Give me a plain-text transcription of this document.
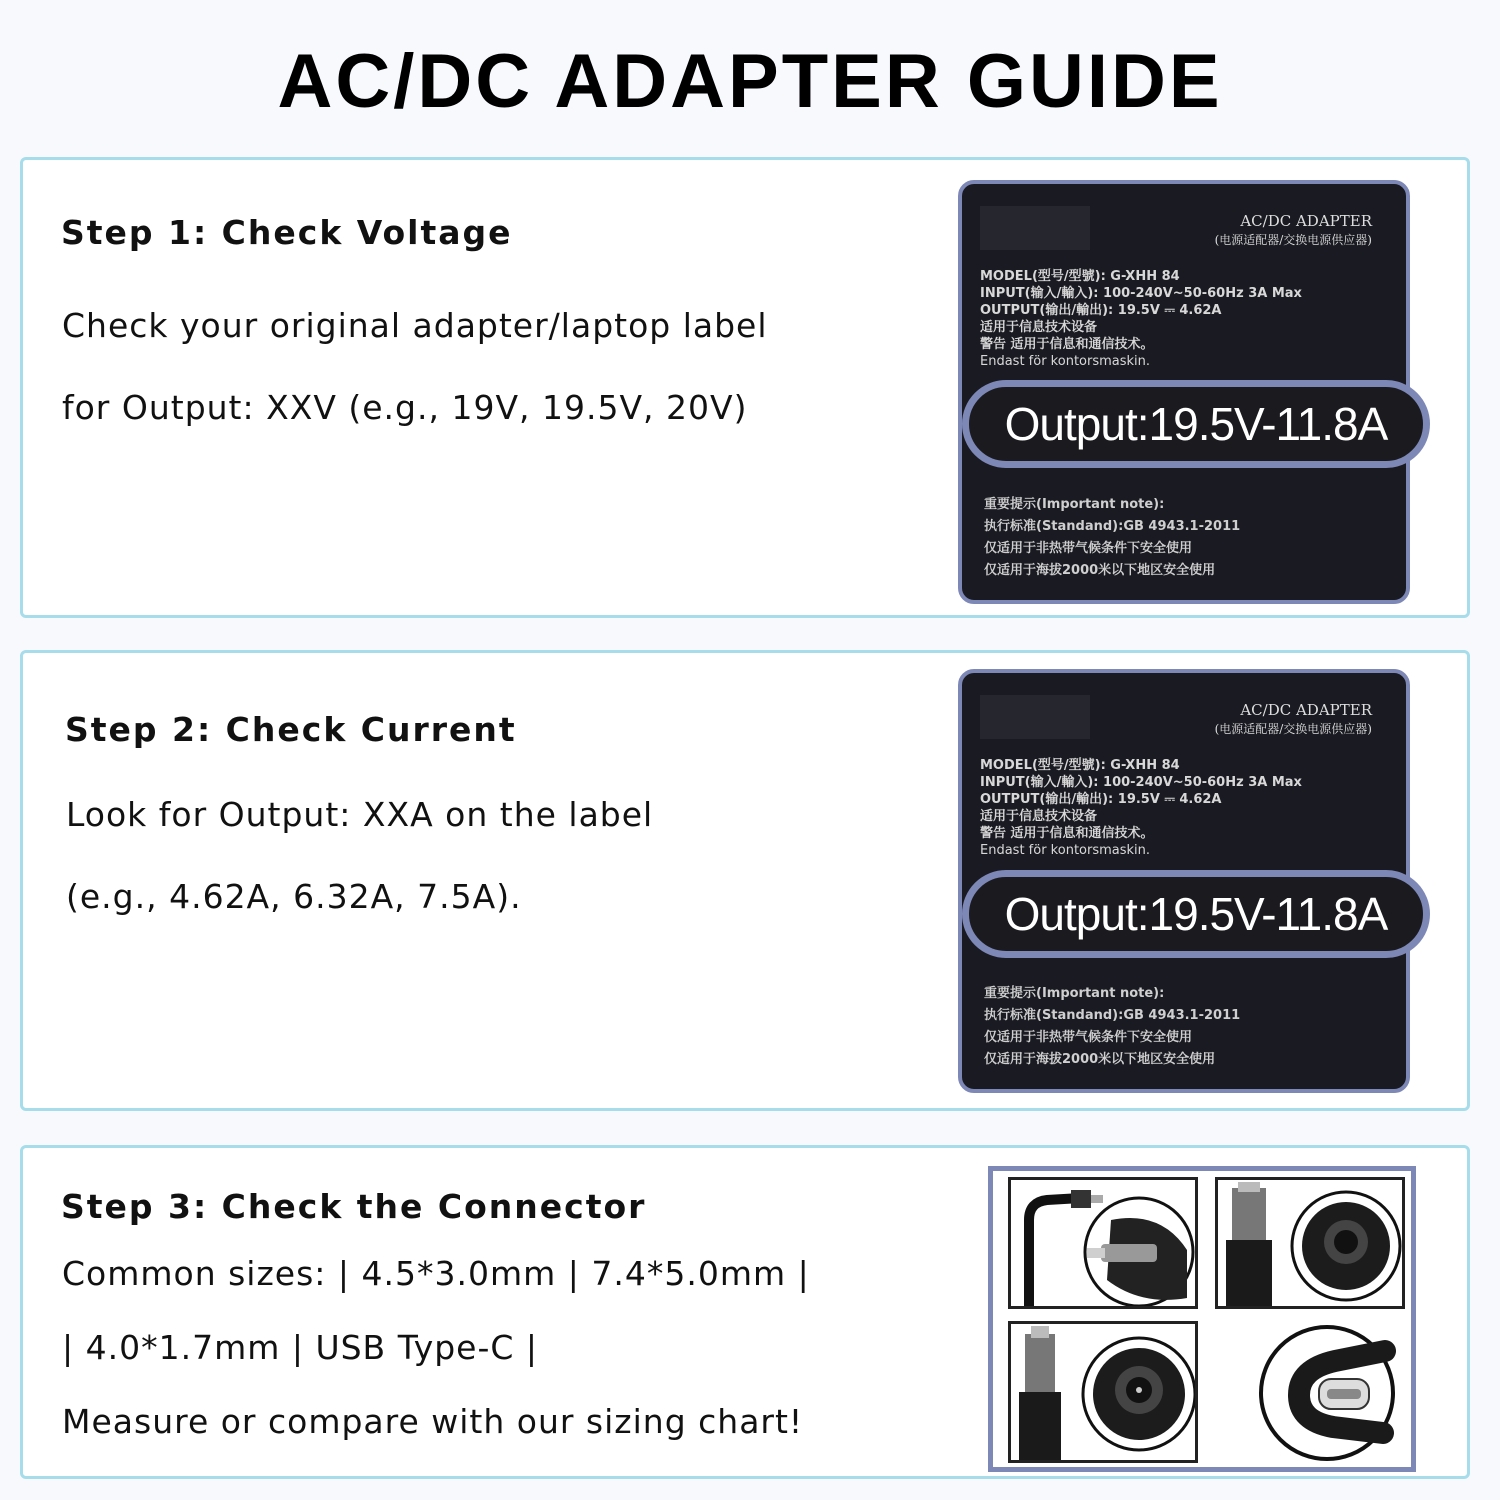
AC/DC ADAPTER GUIDE
Step 1: Check Voltage
Check your original adapter/laptop label
for Output: XXV (e.g., 19V, 19.5V, 20V)
AC/DC ADAPTER
(电源适配器/交换电源供应器)
MODEL(型号/型號): G-XHH 84
INPUT(输入/輸入): 100-240V~50-60Hz 3A Max
OUTPUT(输出/輸出): 19.5V ⎓ 4.62A
适用于信息技术设备
警告 适用于信息和通信技术。
Endast för kontorsmaskin.
重要提示(Important note):
执行标准(Standand):GB 4943.1-2011
仅适用于非热带气候条件下安全使用
仅适用于海拔2000米以下地区安全使用
Output:19.5V-11.8A
Step 2: Check Current
Look for Output: XXA on the label
(e.g., 4.62A, 6.32A, 7.5A).
AC/DC ADAPTER
(电源适配器/交换电源供应器)
MODEL(型号/型號): G-XHH 84
INPUT(输入/輸入): 100-240V~50-60Hz 3A Max
OUTPUT(输出/輸出): 19.5V ⎓ 4.62A
适用于信息技术设备
警告 适用于信息和通信技术。
Endast för kontorsmaskin.
重要提示(Important note):
执行标准(Standand):GB 4943.1-2011
仅适用于非热带气候条件下安全使用
仅适用于海拔2000米以下地区安全使用
Output:19.5V-11.8A
Step 3: Check the Connector
Common sizes: | 4.5*3.0mm | 7.4*5.0mm |
| 4.0*1.7mm | USB Type-C |
Measure or compare with our sizing chart!
